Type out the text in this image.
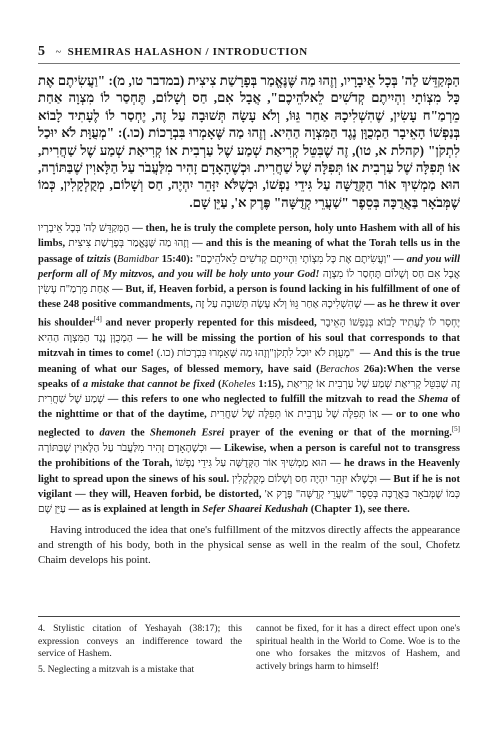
5 ~ SHEMIRAS HALASHON / INTRODUCTION

הַמְּקַדֵּשׁ לַה' בְּכָל אֵיבָרָיו, וְזֶהוּ מַה שֶּׁנֶּאֱמַר בְּפָרָשַׁת צִיצִית (במדבר טו, מ): "וַעֲשִׂיתֶם אֶת כָּל מִצְוֹתָי וִהְיִיתֶם קְדֹשִׁים לֵאלֹהֵיכֶם", אֲבָל אִם, חַס וְשָׁלוֹם, תֶּחְסַר לוֹ מִצְוָה אַחַת מֵרְמַ"ח עָשִׂין, שֶׁהִשְׁלִיכָהּ אַחַר גֵּוּוֹ, וְלֹא עָשָׂה תְּשׁוּבָה עַל זֶה, יֶחְסַר לוֹ לֶעָתִיד לָבוֹא בְּנַפְשׁוֹ הָאֵיבָר הַמְכֻוָּן נֶגֶד הַמִּצְוָה הַהִיא. וְזֶהוּ מַה שֶּׁאָמְרוּ בִּבְרָכוֹת (כו.): "מְעֻוָּת לֹא יוּכַל לִתְקֹן" (קהלת א, טו), זֶה שֶׁבִּטֵּל קְרִיאַת שְׁמַע שֶׁל עַרְבִית אוֹ קְרִיאַת שְׁמַע שֶׁל שַׁחֲרִית, אוֹ תְּפִלָּה שֶׁל עַרְבִית אוֹ תְּפִלָּה שֶׁל שַׁחֲרִית. וּכְשֶׁהָאָדָם זָהִיר מִלַּעֲבֹר עַל הַלָּאוִין שֶׁבַּתּוֹרָה, הוּא מַמְשִׁיךְ אוֹר הַקְּדֻשָּׁה עַל גִּידֵי נַפְשׁוֹ, וּכְשֶׁלֹּא יִזָּהֵר יִהְיֶה, חַס וְשָׁלוֹם, מְקֻלְקָלִין, כְּמוֹ שֶׁמְּבֹאָר בַּאֲרֻכָּה בְּסֵפֶר "שַׁעֲרֵי קְדֻשָּׁה" פֶּרֶק א', עַיֵּן שָׁם.

הַמְּקַדֵּשׁ לַה' בְּכָל אֵיבָרָיו — then, he is truly the complete person, holy unto Hashem with all of his limbs, וְזֶהוּ מַה שֶּׁנֶּאֱמַר בְּפָרָשַׁת צִיצִית — and this is the meaning of what the Torah tells us in the passage of tzitzis (Bamidbar 15:40): "וַעֲשִׂיתֶם אֶת כָּל מִצְוֹתָי וִהְיִיתֶם קְדֹשִׁים לֵאלֹהֵיכֶם" — and you will perform all of My mitzvos, and you will be holy unto your God! אֲבָל אִם חַס וְשָׁלוֹם תֶּחְסַר לוֹ מִצְוָה אַחַת מֵרְמַ"ח עָשִׂין — But, if, Heaven forbid, a person is found lacking in his fulfillment of one of these 248 positive commandments, שֶׁהִשְׁלִיכָהּ אַחַר גֵּוּוֹ וְלֹא עָשָׂה תְּשׁוּבָה עַל זֶה — as he threw it over his shoulder[4] and never properly repented for this misdeed, יֶחְסַר לוֹ לֶעָתִיד לָבוֹא בְּנַפְשׁוֹ הָאֵיבָר הַמְכֻוָּן נֶגֶד הַמִּצְוָה הַהִיא — he will be missing the portion of his soul that corresponds to that mitzvah in times to come! וְזֶהוּ מַה שֶּׁאָמְרוּ בִּבְרָכוֹת (כו.) "מְעֻוָּת לֹא יוּכַל לִתְקֹן" — And this is the true meaning of what our Sages, of blessed memory, have said (Berachos 26a):When the verse speaks of a mistake that cannot be fixed (Koheles 1:15), זֶה שֶׁבִּטֵּל קְרִיאַת שְׁמַע שֶׁל עַרְבִית אוֹ קְרִיאַת שְׁמַע שֶׁל שַׁחֲרִית — this refers to one who neglected to fulfill the mitzvah to read the Shema of the nighttime or that of the daytime, אוֹ תְּפִלָּה שֶׁל עַרְבִית אוֹ תְּפִלָּה שֶׁל שַׁחֲרִית — or to one who neglected to daven the Shemoneh Esrei prayer of the evening or that of the morning.[5] וּכְשֶׁהָאָדָם זָהִיר מִלַּעֲבֹר עַל הַלָּאוִין שֶׁבַּתּוֹרָה — Likewise, when a person is careful not to transgress the prohibitions of the Torah, הוּא מַמְשִׁיךְ אוֹר הַקְּדֻשָּׁה עַל גִּידֵי נַפְשׁוֹ — he draws in the Heavenly light to spread upon the sinews of his soul. וּכְשֶׁלֹּא יִזָּהֵר יִהְיֶה חַס וְשָׁלוֹם מְקֻלְקָלִין — But if he is not vigilant — they will, Heaven forbid, be distorted, כְּמוֹ שֶׁמְּבֹאָר בַּאֲרֻכָּה בְּסֵפֶר "שַׁעֲרֵי קְדֻשָּׁה" פֶּרֶק א' עַיֵּן שָׁם — as is explained at length in Sefer Shaarei Kedushah (Chapter 1), see there.
Having introduced the idea that one's fulfillment of the mitzvos directly affects the appearance and strength of his body, both in the physical sense as well in the realm of the soul, Chofetz Chaim develops his point.

4. Stylistic citation of Yeshayah (38:17); this expression conveys an indifference toward the service of Hashem.

5. Neglecting a mitzvah is a mistake that

cannot be fixed, for it has a direct effect upon one's spiritual health in the World to Come. Woe is to the one who forsakes the mitzvos of Hashem, and actively brings harm to himself!
